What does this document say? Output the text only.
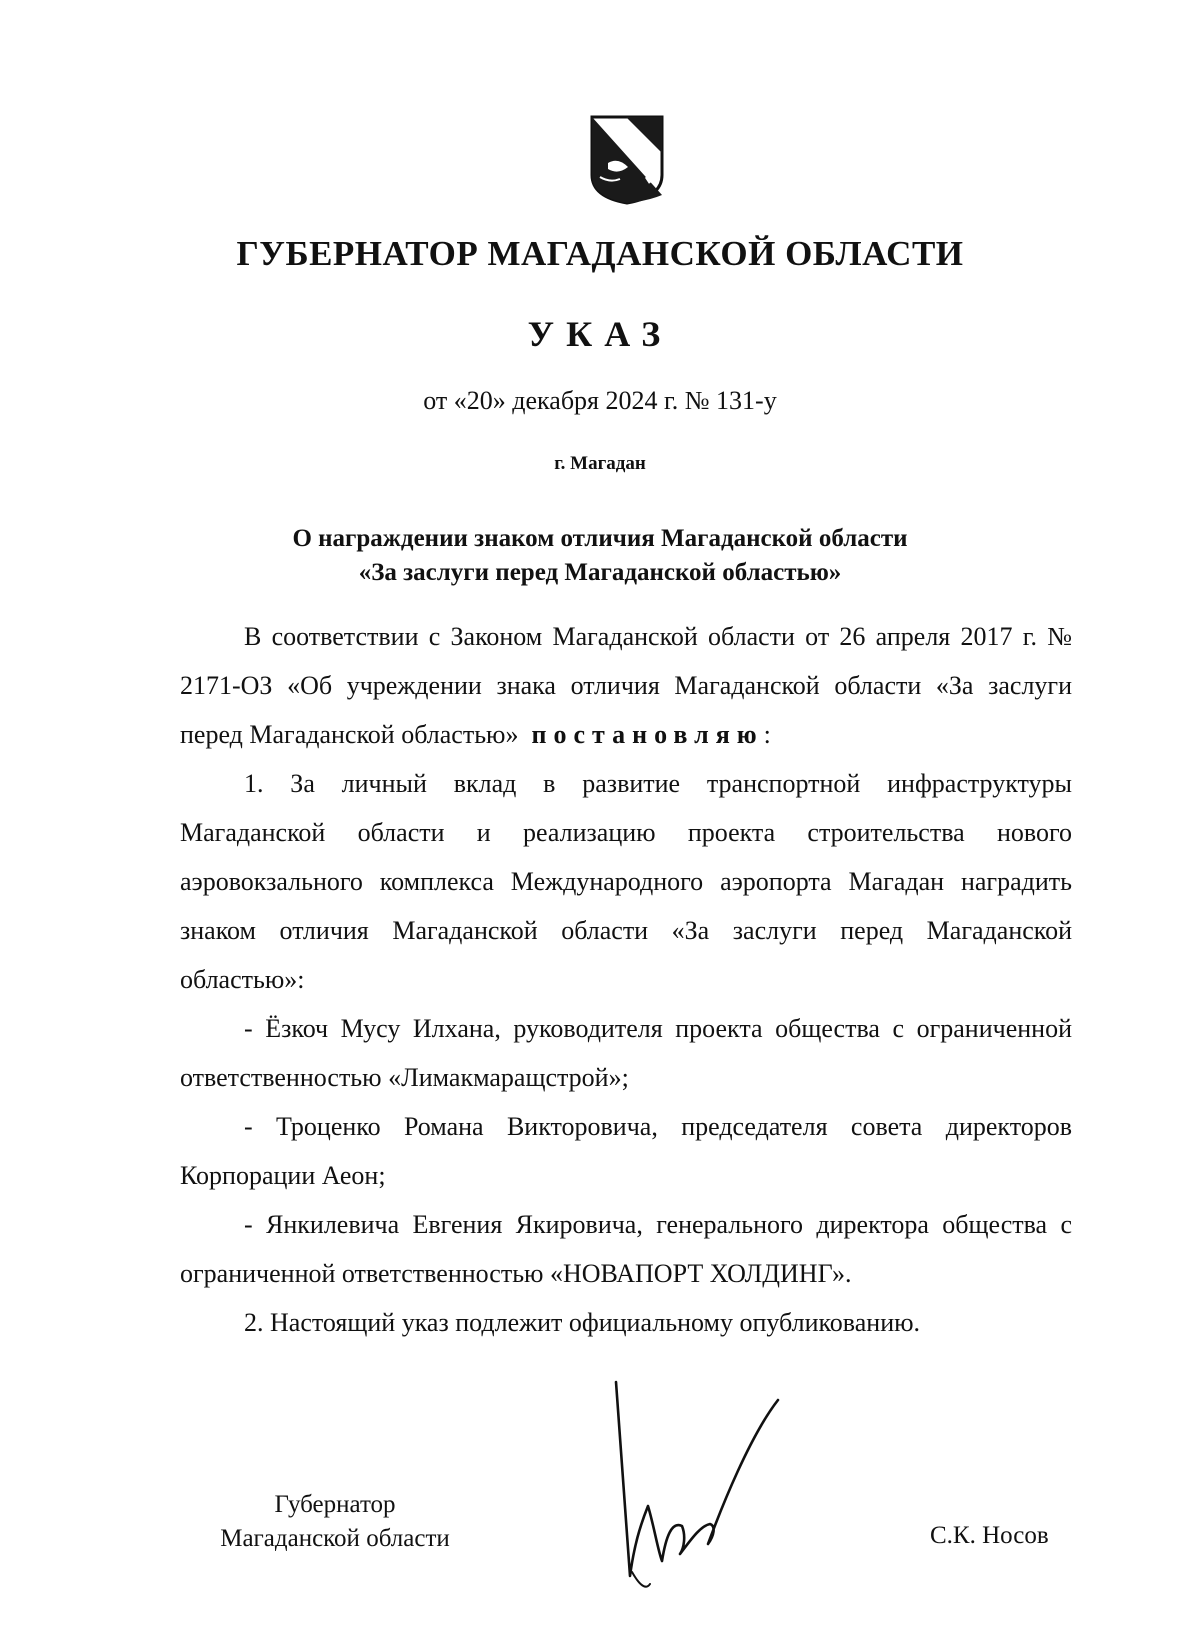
ГУБЕРНАТОР МАГАДАНСКОЙ ОБЛАСТИ
УКАЗ
от «20» декабря 2024 г. № 131-у
г. Магадан
О награждении знаком отличия Магаданской области
«За заслуги перед Магаданской областью»

В соответствии с Законом Магаданской области от 26 апреля 2017 г. № 2171-ОЗ «Об учреждении знака отличия Магаданской области «За заслуги перед Магаданской областью» постановляю:

1. За личный вклад в развитие транспортной инфраструктуры Магаданской области и реализацию проекта строительства нового аэровокзального комплекса Международного аэропорта Магадан наградить знаком отличия Магаданской области «За заслуги перед Магаданской областью»:

- Ёзкоч Мусу Илхана, руководителя проекта общества с ограниченной ответственностью «Лимакмаращстрой»;

- Троценко Романа Викторовича, председателя совета директоров Корпорации Аеон;

- Янкилевича Евгения Якировича, генерального директора общества с ограниченной ответственностью «НОВАПОРТ ХОЛДИНГ».

2. Настоящий указ подлежит официальному опубликованию.

Губернатор
Магаданской области	С.К. Носов
